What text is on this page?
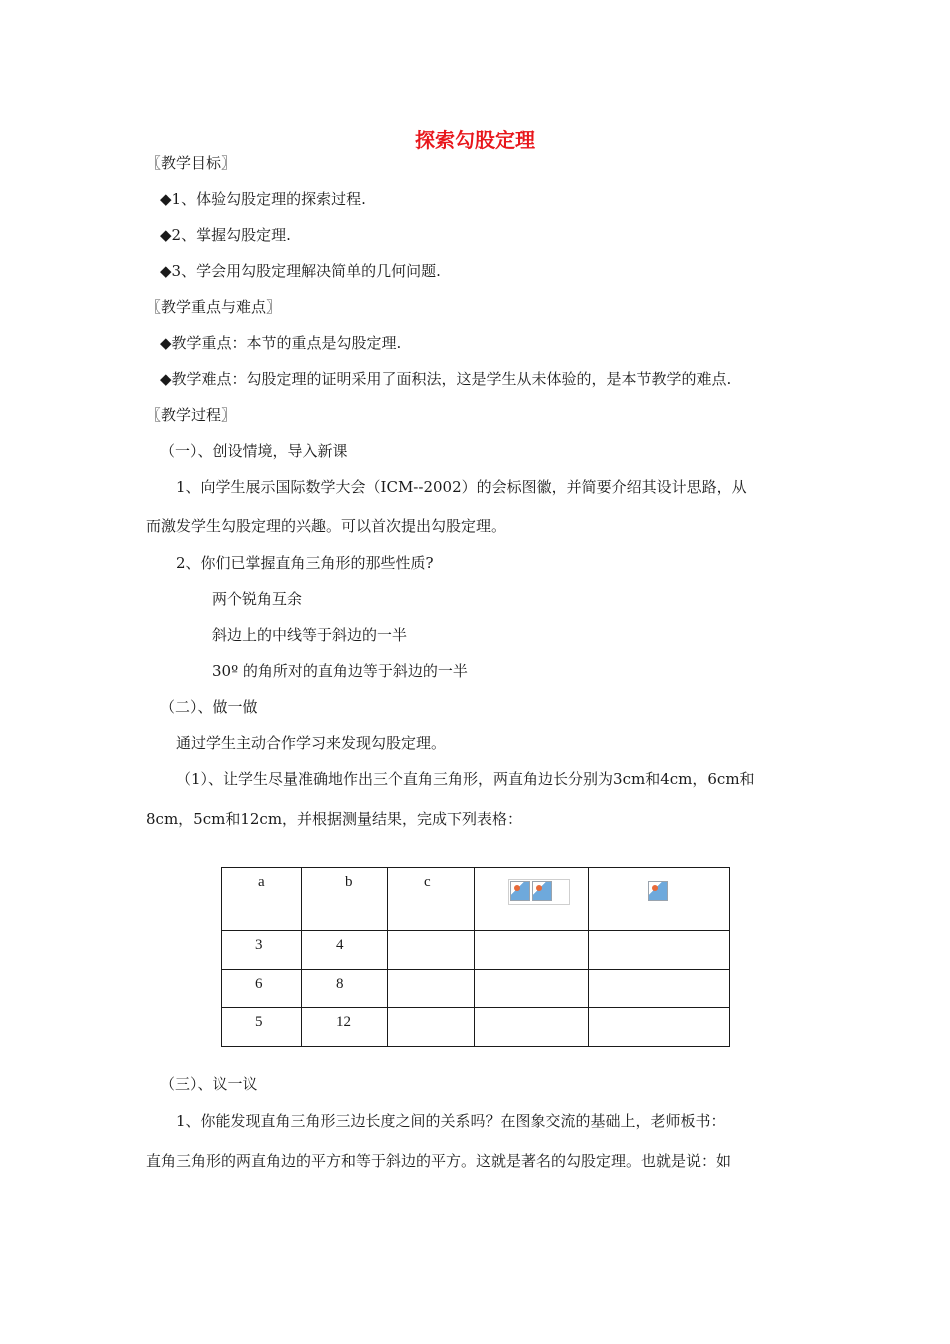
探索勾股定理
〖教学目标〗
◆1、体验勾股定理的探索过程.
◆2、掌握勾股定理.
◆3、学会用勾股定理解决简单的几何问题.
〖教学重点与难点〗
◆教学重点：本节的重点是勾股定理.
◆教学难点：勾股定理的证明采用了面积法，这是学生从未体验的，是本节教学的难点.
〖教学过程〗
（一）、创设情境，导入新课
1、向学生展示国际数学大会（ICM--2002）的会标图徽，并简要介绍其设计思路，从
而激发学生勾股定理的兴趣。可以首次提出勾股定理。
2、你们已掌握直角三角形的那些性质?
两个锐角互余
斜边上的中线等于斜边的一半
30º 的角所对的直角边等于斜边的一半
（二）、做一做
通过学生主动合作学习来发现勾股定理。
（1）、让学生尽量准确地作出三个直角三角形，两直角边长分别为3cm和4cm，6cm和
8cm，5cm和12cm，并根据测量结果，完成下列表格：
a	b	c		

3	4			

6	8			

5	12			

（三）、议一议
1、你能发现直角三角形三边长度之间的关系吗？在图象交流的基础上，老师板书：
直角三角形的两直角边的平方和等于斜边的平方。这就是著名的勾股定理。也就是说：如
